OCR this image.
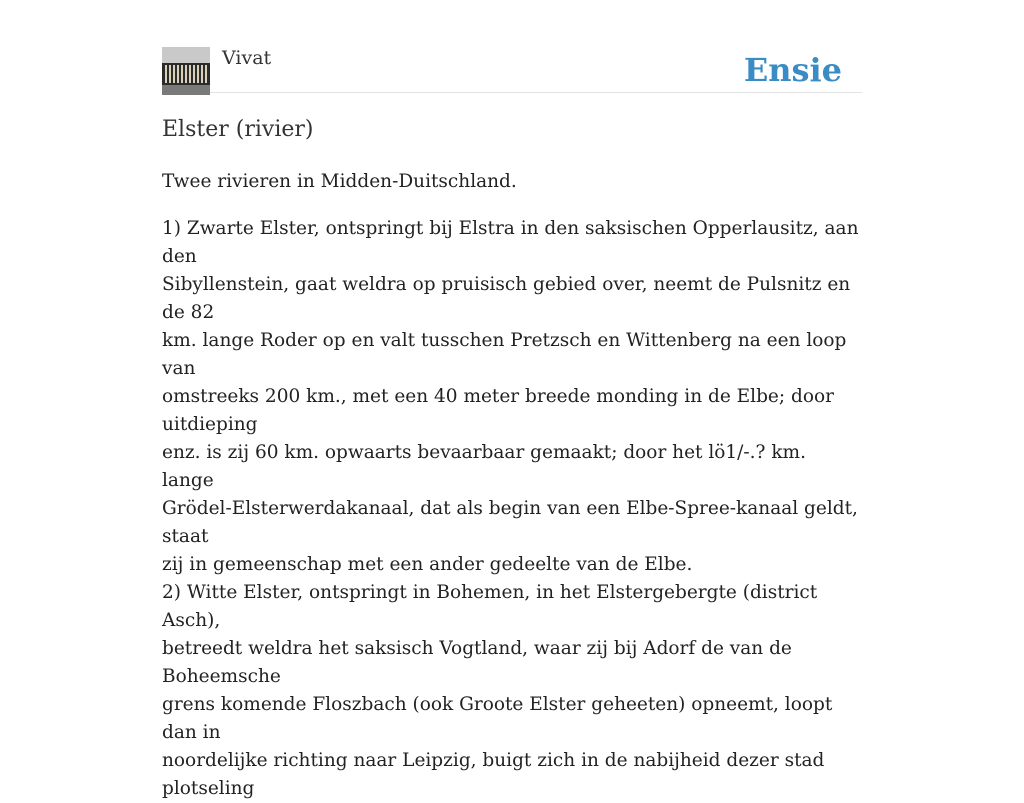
Vivat	Ensie
Elster (rivier)

Twee rivieren in Midden-Duitschland.

1) Zwarte Elster, ontspringt bij Elstra in den saksischen Opperlausitz, aan den
Sibyllenstein, gaat weldra op pruisisch gebied over, neemt de Pulsnitz en de 82
km. lange Roder op en valt tusschen Pretzsch en Wittenberg na een loop van
omstreeks 200 km., met een 40 meter breede monding in de Elbe; door uitdieping
enz. is zij 60 km. opwaarts bevaarbaar gemaakt; door het lö1/-.? km. lange
Grödel-Elsterwerdakanaal, dat als begin van een Elbe-Spree-kanaal geldt, staat
zij in gemeenschap met een ander gedeelte van de Elbe.
2) Witte Elster, ontspringt in Bohemen, in het Elstergebergte (district Asch),
betreedt weldra het saksisch Vogtland, waar zij bij Adorf de van de Boheemsche
grens komende Floszbach (ook Groote Elster geheeten) opneemt, loopt dan in
noordelijke richting naar Leipzig, buigt zich in de nabijheid dezer stad plotseling
